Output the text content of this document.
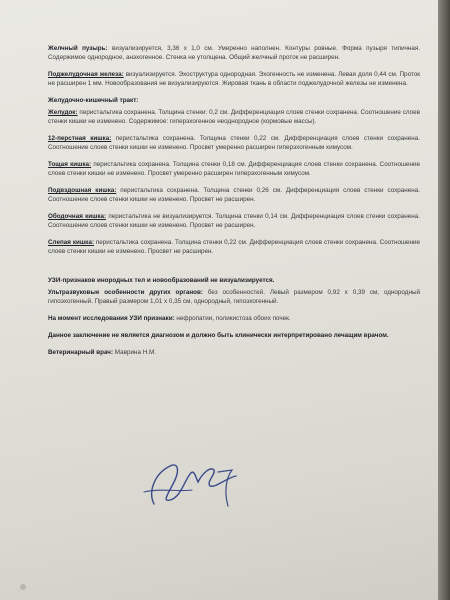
Желчный пузырь: визуализируется, 3,36 х 1,0 см. Умеренно наполнен. Контуры ровные. Форма пузыря типичная. Содержимое однородное, анэхогенное. Стенка не утолщена. Общий желчный проток не расширен.

Поджелудочная железа: визуализируется. Эхоструктура однородная. Эхогенность не изменена. Левая доля 0,44 см. Проток не расширен 1 мм. Новообразования не визуализируются. Жировая ткань в области поджелудочной железы не изменена.

Желудочно-кишечный тракт:

Желудок: перистальтика сохранена. Толщина стенки: 0,2 см. Дифференциация слоев стенки сохранена. Соотношение слоев стенки кишки не изменено. Содержимое: гиперэхогенное неоднородное (кормовые массы).

12-перстная кишка: перистальтика сохранена. Толщина стенки 0,22 см. Дифференциация слоев стенки сохранена. Соотношение слоев стенки кишки не изменено. Просвет умеренно расширен гиперэхогенным химусом.

Тощая кишка: перистальтика сохранена. Толщина стенки 0,18 см. Дифференциация слоев стенки сохранена. Соотношение слоев стенки кишки не изменено. Просвет умеренно расширен гиперэхогенным химусом.

Подвздошная кишка: перистальтика сохранена. Толщина стенки 0,26 см. Дифференциация слоев стенки сохранена. Соотношение слоев стенки кишки не изменено. Просвет не расширен.

Ободочная кишка: перистальтика не визуализируется. Толщина стенки 0,14 см. Дифференциация слоев стенки сохранена. Соотношение слоев стенки кишки не изменено. Просвет не расширен.

Слепая кишка: перистальтика сохранена. Толщина стенки 0,22 см. Дифференциация слоев стенки сохранена. Соотношение слоев стенки кишки не изменено. Просвет не расширен.

УЗИ-признаков инородных тел и новообразований не визуализируется.

Ультразвуковые особенности других органов: без особенностей. Левый размером 0,92 х 0,39 см, однородный гипоэхогенный. Правый размером 1,01 х 0,35 см, однородный, гипоэхогенный.

На момент исследования УЗИ признаки: нефропатии, поликистоза обоих почек.

Данное заключение не является диагнозом и должно быть клинически интерпретировано лечащим врачом.

Ветеринарный врач: Маврина Н.М.
